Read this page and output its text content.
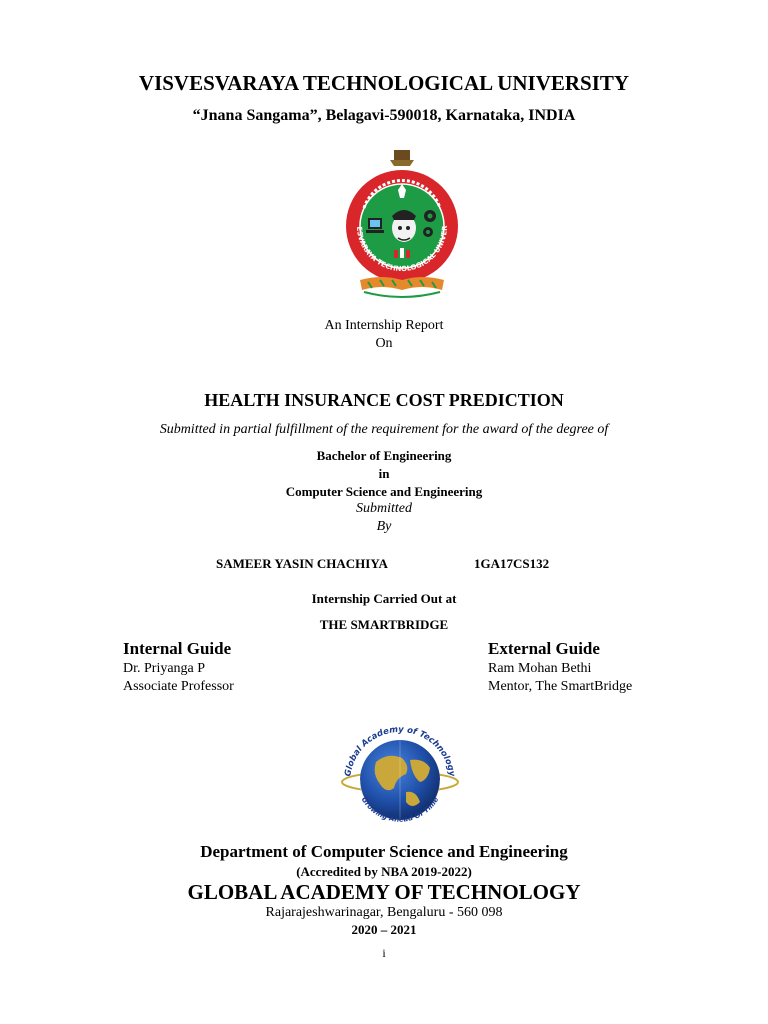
VISVESVARAYA TECHNOLOGICAL UNIVERSITY
“Jnana Sangama”, Belagavi-590018, Karnataka, INDIA
ESVARAYA TECHNOLOGICAL UNIVER
An Internship Report
On
HEALTH INSURANCE COST PREDICTION
Submitted in partial fulfillment of the requirement for the award of the degree of
Bachelor of Engineering
in
Computer Science and Engineering
Submitted
By
SAMEER YASIN CHACHIYA	1GA17CS132
Internship Carried Out at
THE SMARTBRIDGE
Internal Guide
Dr. Priyanga P
Associate Professor
External Guide
Ram Mohan Bethi
Mentor, The SmartBridge
Global Academy of Technology
Growing Ahead Of Time
Department of Computer Science and Engineering
(Accredited by NBA 2019-2022)
GLOBAL ACADEMY OF TECHNOLOGY
Rajarajeshwarinagar, Bengaluru - 560 098
2020 – 2021
i
